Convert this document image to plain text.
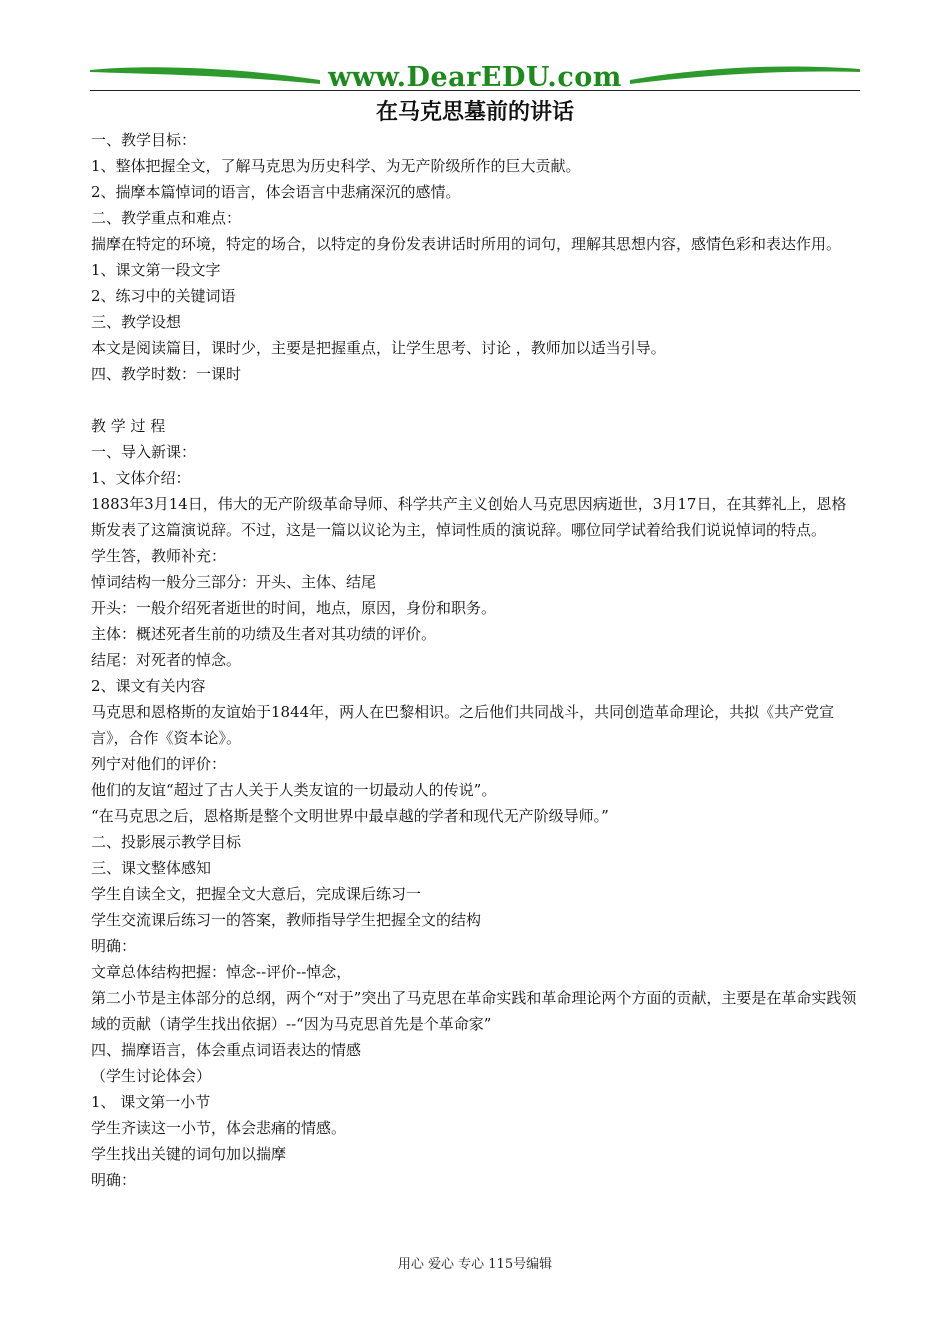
www.DearEDU.com
在马克思墓前的讲话

一、教学目标：

1、整体把握全文，了解马克思为历史科学、为无产阶级所作的巨大贡献。

2、揣摩本篇悼词的语言，体会语言中悲痛深沉的感情。

二、教学重点和难点：

揣摩在特定的环境，特定的场合，以特定的身份发表讲话时所用的词句，理解其思想内容，感情色彩和表达作用。

1、课文第一段文字

2、练习中的关键词语

三、教学设想

本文是阅读篇目，课时少，主要是把握重点，让学生思考、讨论 ，教师加以适当引导。

四、教学时数：一课时

教 学 过 程

一、导入新课：

1、文体介绍：

1883年3月14日，伟大的无产阶级革命导师、科学共产主义创始人马克思因病逝世，3月17日，在其葬礼上，恩格斯发表了这篇演说辞。不过，这是一篇以议论为主，悼词性质的演说辞。哪位同学试着给我们说说悼词的特点。

学生答，教师补充：

悼词结构一般分三部分：开头、主体、结尾

开头：一般介绍死者逝世的时间，地点，原因，身份和职务。

主体：概述死者生前的功绩及生者对其功绩的评价。

结尾：对死者的悼念。

2、课文有关内容

马克思和恩格斯的友谊始于1844年，两人在巴黎相识。之后他们共同战斗，共同创造革命理论，共拟《共产党宣言》，合作《资本论》。

列宁对他们的评价：

他们的友谊“超过了古人关于人类友谊的一切最动人的传说”。

“在马克思之后，恩格斯是整个文明世界中最卓越的学者和现代无产阶级导师。”

二、投影展示教学目标

三、课文整体感知

学生自读全文，把握全文大意后，完成课后练习一

学生交流课后练习一的答案，教师指导学生把握全文的结构

明确：

文章总体结构把握：悼念--评价--悼念，

第二小节是主体部分的总纲，两个“对于”突出了马克思在革命实践和革命理论两个方面的贡献，主要是在革命实践领域的贡献（请学生找出依据）--“因为马克思首先是个革命家”

四、揣摩语言，体会重点词语表达的情感

（学生讨论体会）

1、 课文第一小节

学生齐读这一小节，体会悲痛的情感。

学生找出关键的词句加以揣摩

明确：

用心 爱心 专心 115号编辑
